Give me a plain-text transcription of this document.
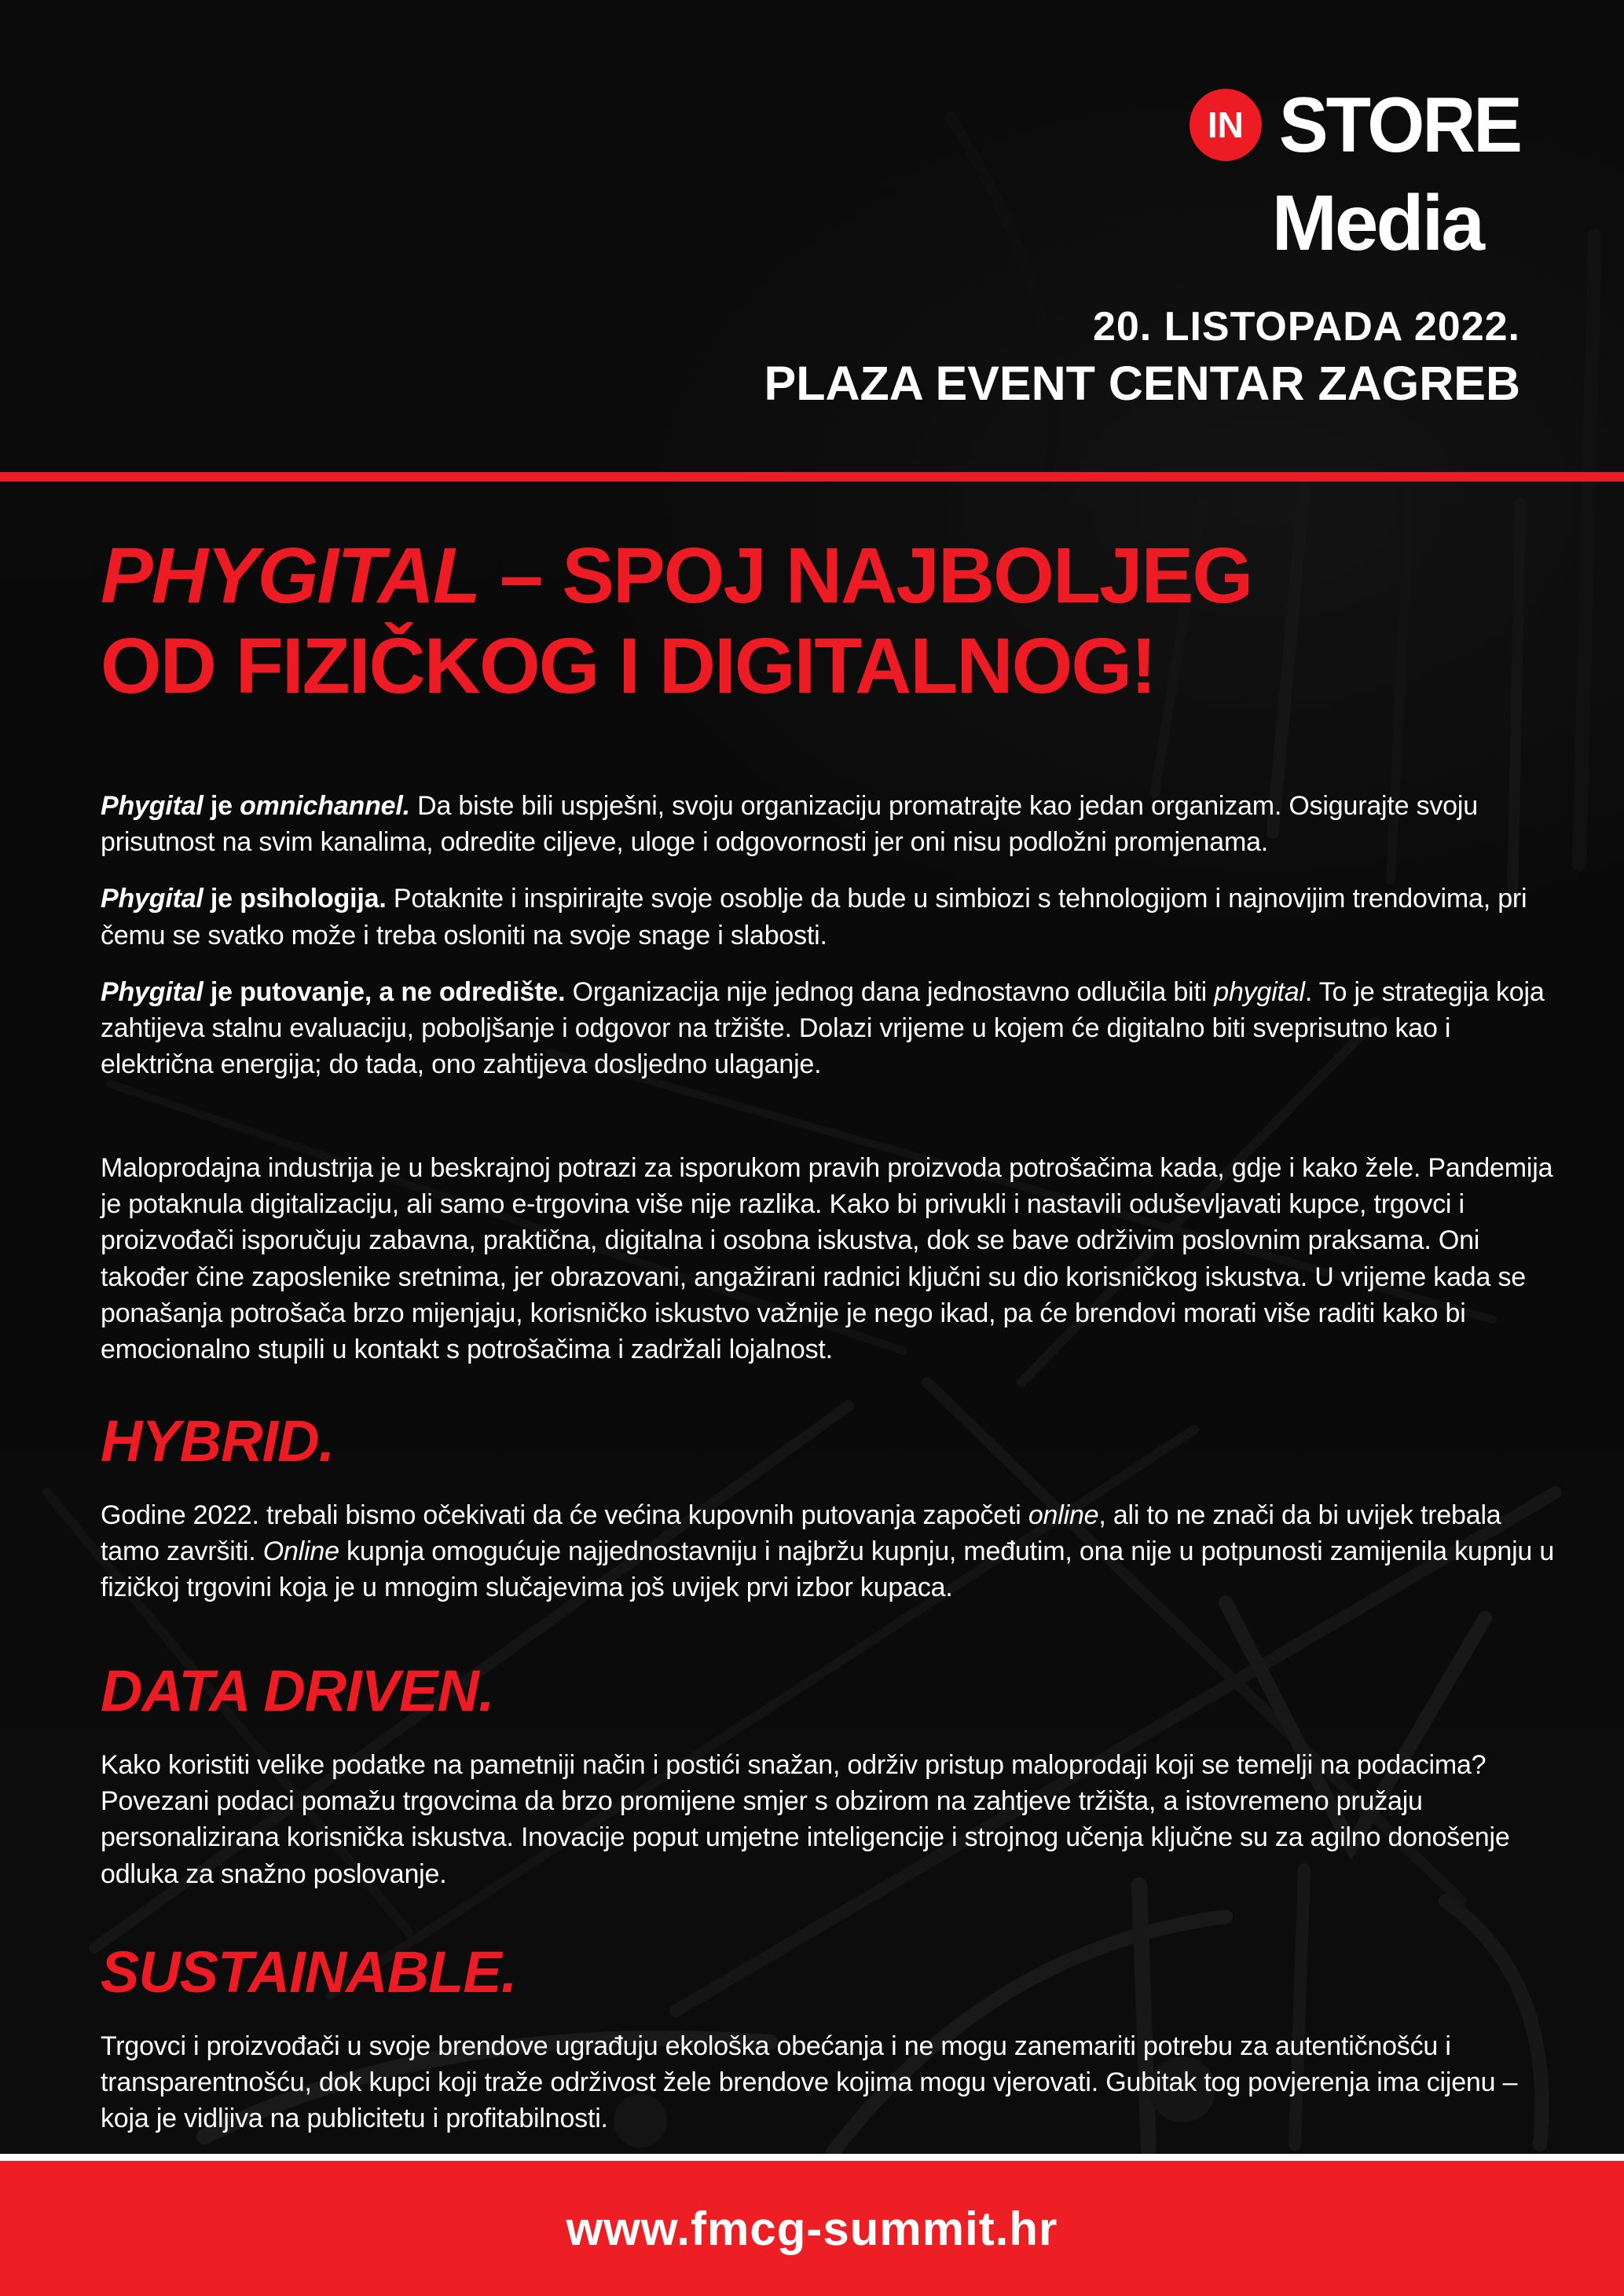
IN STORE
Media
20. LISTOPADA 2022.
PLAZA EVENT CENTAR ZAGREB
PHYGITAL – SPOJ NAJBOLJEG
OD FIZIČKOG I DIGITALNOG!

Phygital je omnichannel. Da biste bili uspješni, svoju organizaciju promatrajte kao jedan organizam. Osigurajte svoju prisutnost na svim kanalima, odredite ciljeve, uloge i odgovornosti jer oni nisu podložni promjenama.

Phygital je psihologija. Potaknite i inspirirajte svoje osoblje da bude u simbiozi s tehnologijom i najnovijim trendovima, pri čemu se svatko može i treba osloniti na svoje snage i slabosti.

Phygital je putovanje, a ne odredište. Organizacija nije jednog dana jednostavno odlučila biti phygital. To je strategija koja zahtijeva stalnu evaluaciju, poboljšanje i odgovor na tržište. Dolazi vrijeme u kojem će digitalno biti sveprisutno kao i električna energija; do tada, ono zahtijeva dosljedno ulaganje.

Maloprodajna industrija je u beskrajnoj potrazi za isporukom pravih proizvoda potrošačima kada, gdje i kako žele. Pandemija je potaknula digitalizaciju, ali samo e-trgovina više nije razlika. Kako bi privukli i nastavili oduševljavati kupce, trgovci i proizvođači isporučuju zabavna, praktična, digitalna i osobna iskustva, dok se bave održivim poslovnim praksama. Oni također čine zaposlenike sretnima, jer obrazovani, angažirani radnici ključni su dio korisničkog iskustva. U vrijeme kada se ponašanja potrošača brzo mijenjaju, korisničko iskustvo važnije je nego ikad, pa će brendovi morati više raditi kako bi emocionalno stupili u kontakt s potrošačima i zadržali lojalnost.

HYBRID.

Godine 2022. trebali bismo očekivati da će većina kupovnih putovanja započeti online, ali to ne znači da bi uvijek trebala tamo završiti. Online kupnja omogućuje najjednostavniju i najbržu kupnju, međutim, ona nije u potpunosti zamijenila kupnju u fizičkoj trgovini koja je u mnogim slučajevima još uvijek prvi izbor kupaca.

DATA DRIVEN.

Kako koristiti velike podatke na pametniji način i postići snažan, održiv pristup maloprodaji koji se temelji na podacima? Povezani podaci pomažu trgovcima da brzo promijene smjer s obzirom na zahtjeve tržišta, a istovremeno pružaju personalizirana korisnička iskustva. Inovacije poput umjetne inteligencije i strojnog učenja ključne su za agilno donošenje odluka za snažno poslovanje.

SUSTAINABLE.

Trgovci i proizvođači u svoje brendove ugrađuju ekološka obećanja i ne mogu zanemariti potrebu za autentičnošću i transparentnošću, dok kupci koji traže održivost žele brendove kojima mogu vjerovati. Gubitak tog povjerenja ima cijenu – koja je vidljiva na publicitetu i profitabilnosti.

www.fmcg-summit.hr
